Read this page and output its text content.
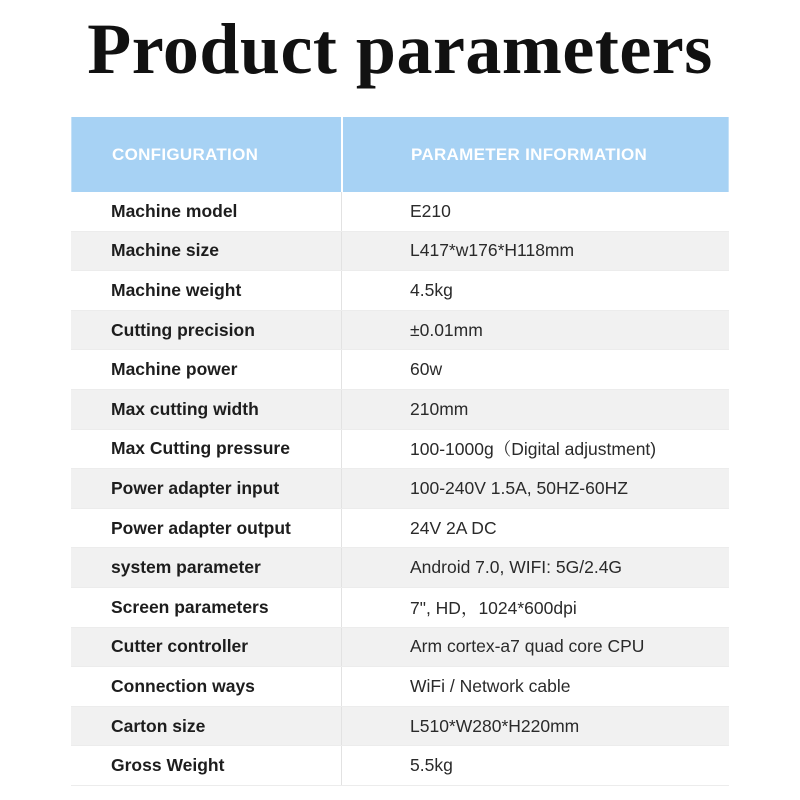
Product parameters
CONFIGURATION	PARAMETER INFORMATION
Machine model	E210
Machine size	L417*w176*H118mm
Machine weight	4.5kg
Cutting precision	±0.01mm
Machine power	60w
Max cutting width	210mm
Max Cutting pressure	100-1000g（Digital adjustment)
Power adapter input	100-240V 1.5A, 50HZ-60HZ
Power adapter output	24V 2A DC
system parameter	Android 7.0, WIFI: 5G/2.4G
Screen parameters	7", HD，1024*600dpi
Cutter controller	Arm cortex-a7 quad core CPU
Connection ways	WiFi / Network cable
Carton size	L510*W280*H220mm
Gross Weight	5.5kg
